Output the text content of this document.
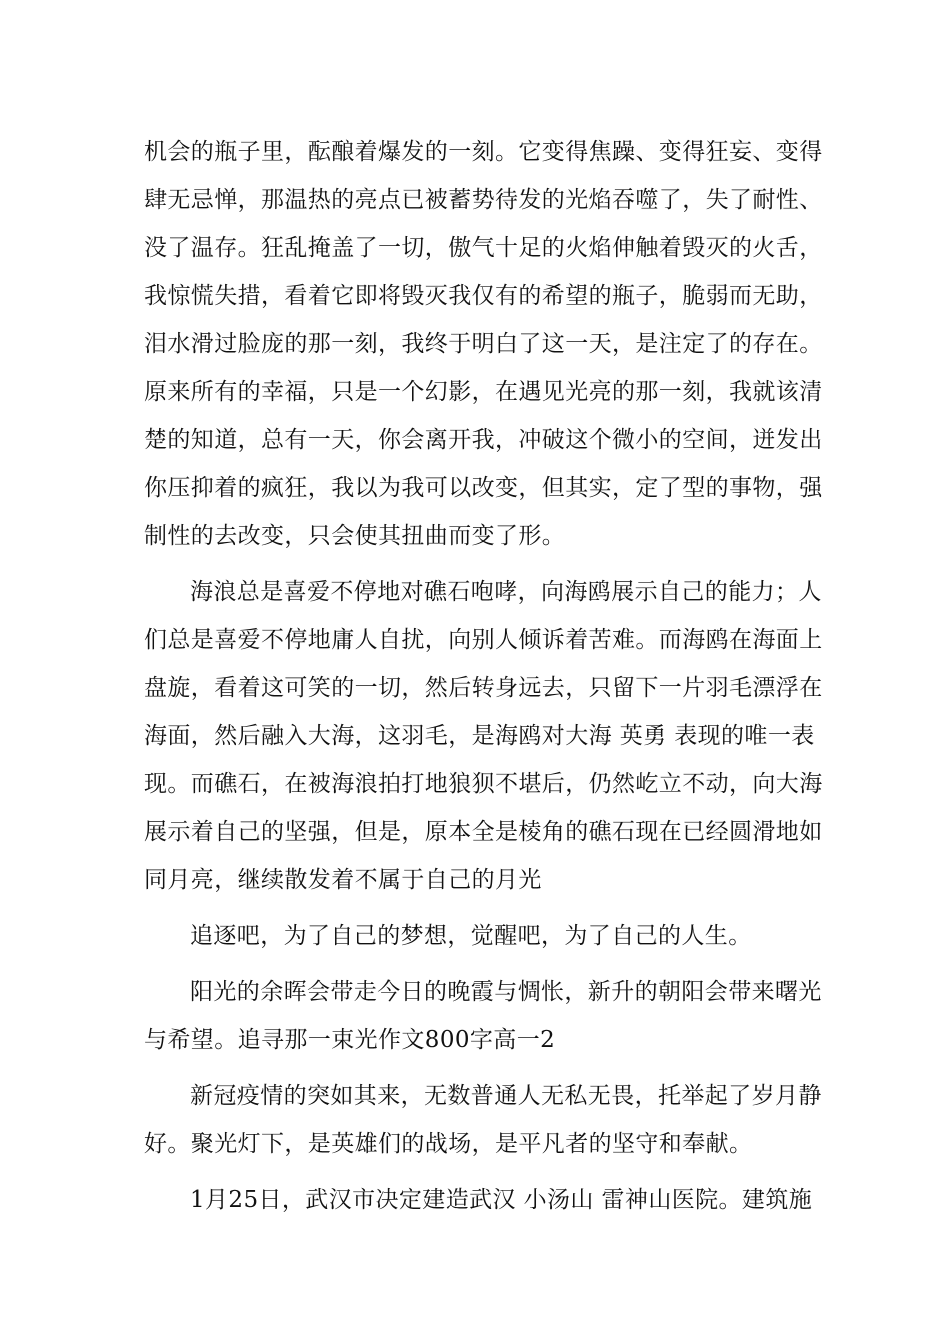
机会的瓶子里，酝酿着爆发的一刻。它变得焦躁、变得狂妄、变得
肆无忌惮，那温热的亮点已被蓄势待发的光焰吞噬了，失了耐性、
没了温存。狂乱掩盖了一切，傲气十足的火焰伸触着毁灭的火舌，
我惊慌失措，看着它即将毁灭我仅有的希望的瓶子，脆弱而无助，
泪水滑过脸庞的那一刻，我终于明白了这一天，是注定了的存在。
原来所有的幸福，只是一个幻影，在遇见光亮的那一刻，我就该清
楚的知道，总有一天，你会离开我，冲破这个微小的空间，迸发出
你压抑着的疯狂，我以为我可以改变，但其实，定了型的事物，强
制性的去改变，只会使其扭曲而变了形。
海浪总是喜爱不停地对礁石咆哮，向海鸥展示自己的能力；人
们总是喜爱不停地庸人自扰，向别人倾诉着苦难。而海鸥在海面上
盘旋，看着这可笑的一切，然后转身远去，只留下一片羽毛漂浮在
海面，然后融入大海，这羽毛，是海鸥对大海 英勇 表现的唯一表
现。而礁石，在被海浪拍打地狼狈不堪后，仍然屹立不动，向大海
展示着自己的坚强，但是，原本全是棱角的礁石现在已经圆滑地如
同月亮，继续散发着不属于自己的月光
追逐吧，为了自己的梦想，觉醒吧，为了自己的人生。
阳光的余晖会带走今日的晚霞与惆怅，新升的朝阳会带来曙光
与希望。追寻那一束光作文800字高一2
新冠疫情的突如其来，无数普通人无私无畏，托举起了岁月静
好。聚光灯下，是英雄们的战场，是平凡者的坚守和奉献。
1月25日，武汉市决定建造武汉 小汤山 雷神山医院。建筑施
